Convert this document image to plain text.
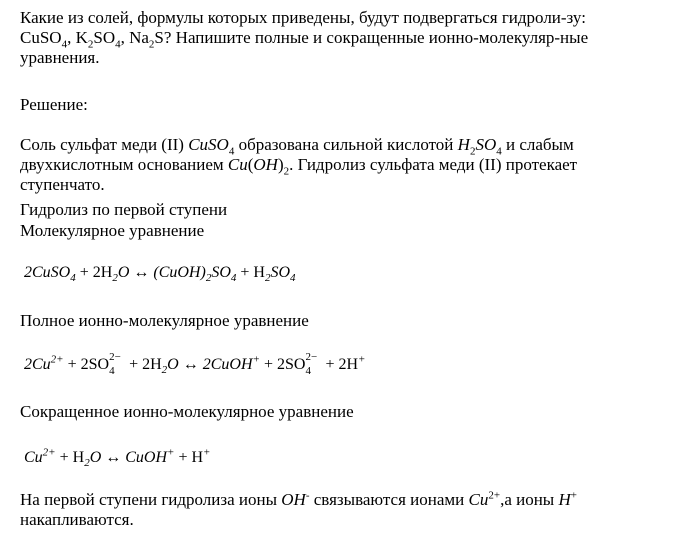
Какие из солей, формулы которых приведены, будут подвергаться гидроли-зу:
CuSO$_4$, $K_2SO_4$, $Na_2S$? Напишите полные и сокращенные ионно-молекуляр-ные
уравнения.

Решение:

Соль сульфат меди (II) CuSO$_4$ образована сильной кислотой $H_2SO_4$ и слабым
двухкислотным основанием $Cu(OH)_2$. Гидролиз сульфата меди (II) протекает
ступенчато.

Гидролиз по первой ступени

Молекулярное уравнение

2CuSO$_4$ + $2H_2O$ ↔ $(CuOH)_2SO_4 + H_2SO_4$

Полное ионно-молекулярное уравнение

$2Cu^{2+} + 2SO$ 2−
$4 + 2H_2O$ ↔ 2CuOH+ + 2SO 2−
4 + 2H+

Сокращенное ионно-молекулярное уравнение

$Cu^{2+} + H_2O$ ↔ CuOH+ + H+

На первой ступени гидролиза ионы OH- связываются ионами $Cu^{2+},а$ ионы H+
накапливаются.
